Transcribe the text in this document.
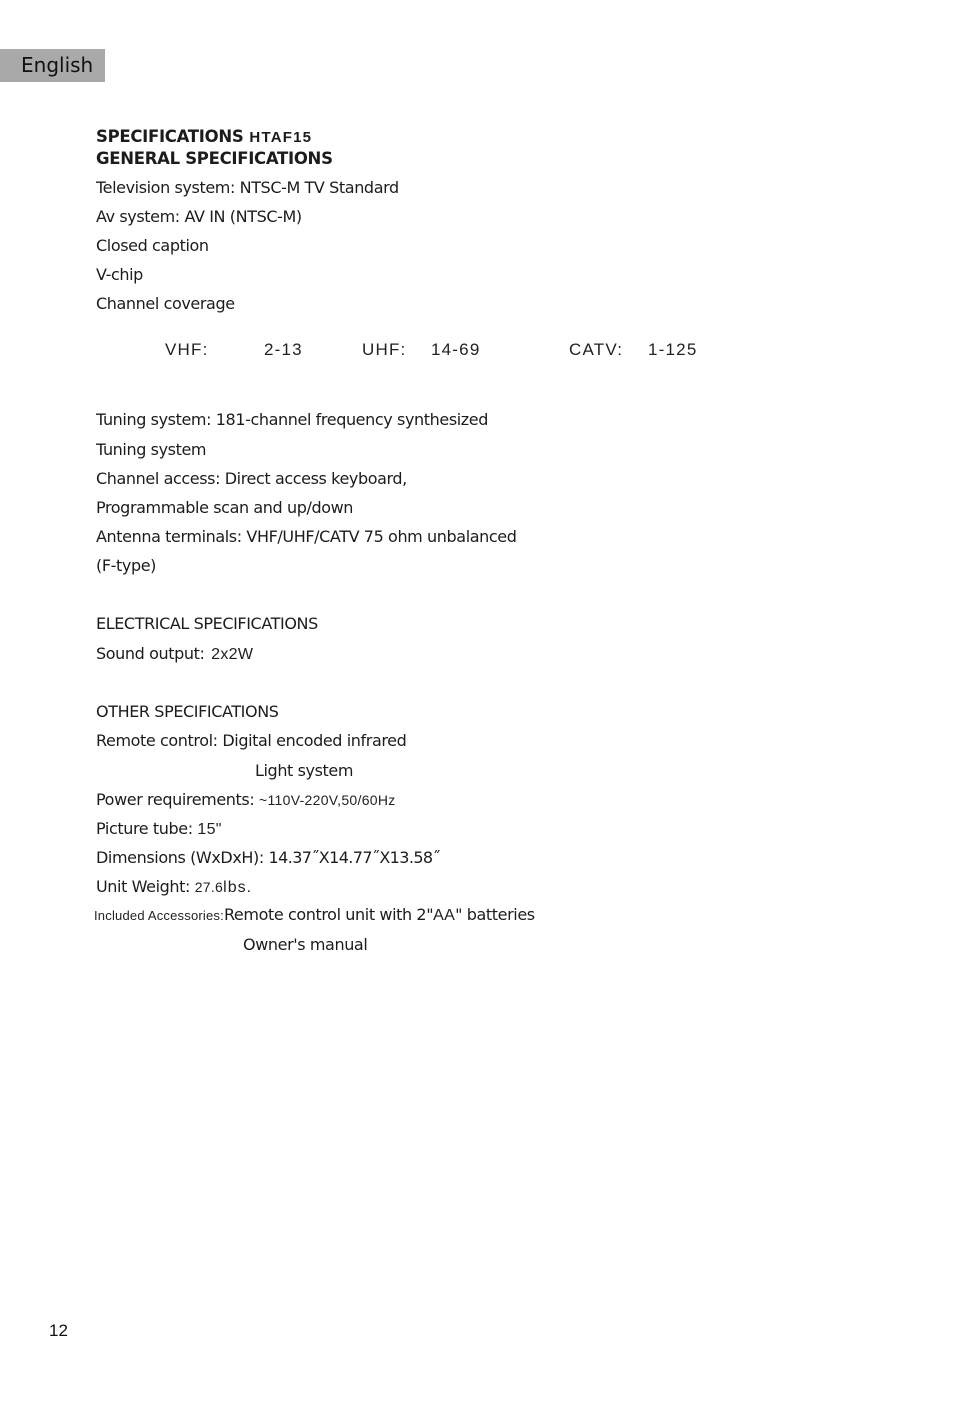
English
SPECIFICATIONS HTAF15
GENERAL SPECIFICATIONS
Television system: NTSC-M TV Standard
Av system: AV IN (NTSC-M)
Closed caption
V-chip
Channel coverage
VHF:	2-13	UHF: 14-69	CATV: 1-125
Tuning system: 181-channel frequency synthesized
Tuning system
Channel access: Direct access keyboard,
Programmable scan and up/down
Antenna terminals: VHF/UHF/CATV 75 ohm unbalanced
(F-type)
ELECTRICAL SPECIFICATIONS
Sound output: 2x2W
OTHER SPECIFICATIONS
Remote control: Digital encoded infrared
Light system
Power requirements: ~110V-220V,50/60Hz
Picture tube: 15"
Dimensions (WxDxH): 14.37˝X14.77˝X13.58˝
Unit Weight: 27.6lbs.
Included Accessories:Remote control unit with 2"AA" batteries
Owner's manual
12
